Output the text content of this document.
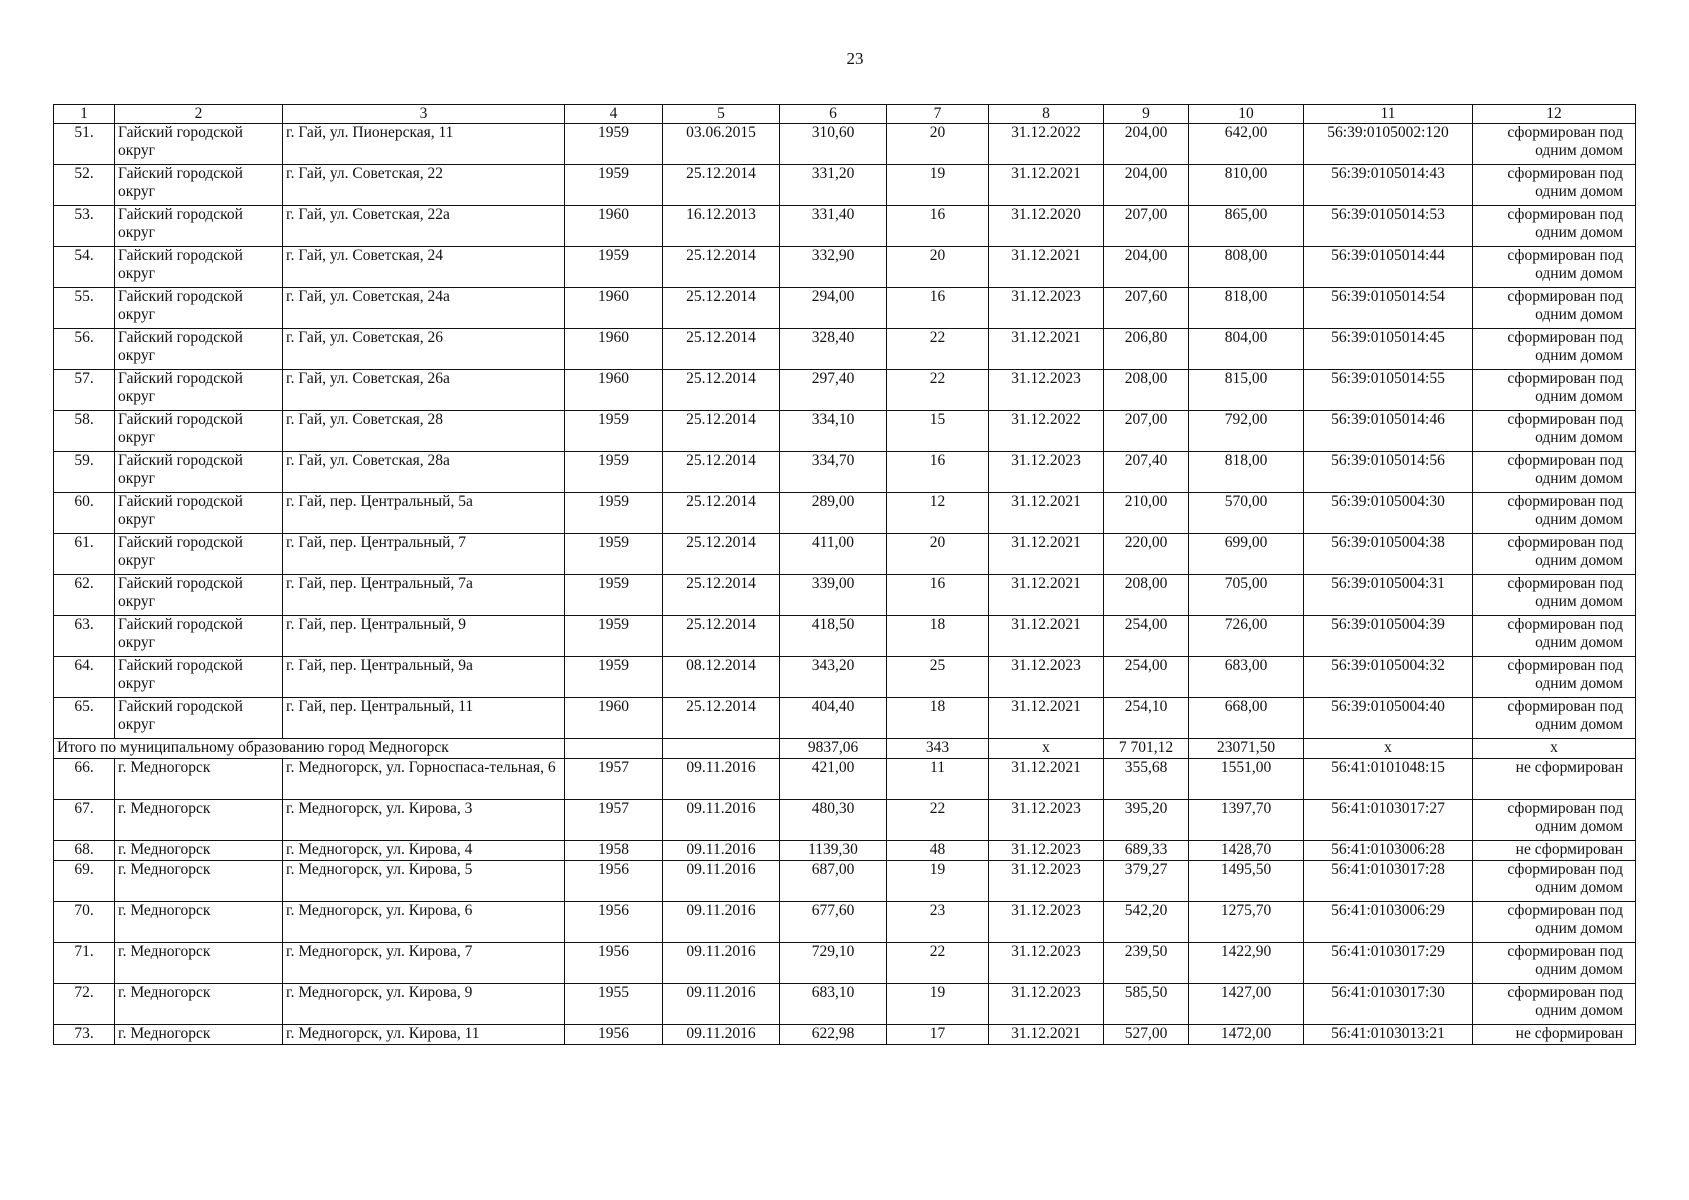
23
1	2	3	4	5	6	7	8	9	10	11	12
51.	Гайский городской округ	г. Гай, ул. Пионерская, 11	1959	03.06.2015	310,60	20	31.12.2022	204,00	642,00	56:39:0105002:120	сформирован под
одним домом

52.	Гайский городской округ	г. Гай, ул. Советская, 22	1959	25.12.2014	331,20	19	31.12.2021	204,00	810,00	56:39:0105014:43	сформирован под
одним домом

53.	Гайский городской округ	г. Гай, ул. Советская, 22а	1960	16.12.2013	331,40	16	31.12.2020	207,00	865,00	56:39:0105014:53	сформирован под
одним домом

54.	Гайский городской округ	г. Гай, ул. Советская, 24	1959	25.12.2014	332,90	20	31.12.2021	204,00	808,00	56:39:0105014:44	сформирован под
одним домом

55.	Гайский городской округ	г. Гай, ул. Советская, 24а	1960	25.12.2014	294,00	16	31.12.2023	207,60	818,00	56:39:0105014:54	сформирован под
одним домом

56.	Гайский городской округ	г. Гай, ул. Советская, 26	1960	25.12.2014	328,40	22	31.12.2021	206,80	804,00	56:39:0105014:45	сформирован под
одним домом

57.	Гайский городской округ	г. Гай, ул. Советская, 26а	1960	25.12.2014	297,40	22	31.12.2023	208,00	815,00	56:39:0105014:55	сформирован под
одним домом

58.	Гайский городской округ	г. Гай, ул. Советская, 28	1959	25.12.2014	334,10	15	31.12.2022	207,00	792,00	56:39:0105014:46	сформирован под
одним домом

59.	Гайский городской округ	г. Гай, ул. Советская, 28а	1959	25.12.2014	334,70	16	31.12.2023	207,40	818,00	56:39:0105014:56	сформирован под
одним домом

60.	Гайский городской округ	г. Гай, пер. Центральный, 5а	1959	25.12.2014	289,00	12	31.12.2021	210,00	570,00	56:39:0105004:30	сформирован под
одним домом

61.	Гайский городской округ	г. Гай, пер. Центральный, 7	1959	25.12.2014	411,00	20	31.12.2021	220,00	699,00	56:39:0105004:38	сформирован под
одним домом

62.	Гайский городской округ	г. Гай, пер. Центральный, 7а	1959	25.12.2014	339,00	16	31.12.2021	208,00	705,00	56:39:0105004:31	сформирован под
одним домом

63.	Гайский городской округ	г. Гай, пер. Центральный, 9	1959	25.12.2014	418,50	18	31.12.2021	254,00	726,00	56:39:0105004:39	сформирован под
одним домом

64.	Гайский городской округ	г. Гай, пер. Центральный, 9а	1959	08.12.2014	343,20	25	31.12.2023	254,00	683,00	56:39:0105004:32	сформирован под
одним домом

65.	Гайский городской округ	г. Гай, пер. Центральный, 11	1960	25.12.2014	404,40	18	31.12.2021	254,10	668,00	56:39:0105004:40	сформирован под
одним домом

Итого по муниципальному образованию город Медногорск					9837,06	343	х	7 701,12	23071,50	х	х
66.	г. Медногорск	г. Медногорск, ул. Горноспаса-тельная, 6	1957	09.11.2016	421,00	11	31.12.2021	355,68	1551,00	56:41:0101048:15	не сформирован

67.	г. Медногорск	г. Медногорск, ул. Кирова, 3	1957	09.11.2016	480,30	22	31.12.2023	395,20	1397,70	56:41:0103017:27	сформирован под
одним домом

68.	г. Медногорск	г. Медногорск, ул. Кирова, 4	1958	09.11.2016	1139,30	48	31.12.2023	689,33	1428,70	56:41:0103006:28	не сформирован

69.	г. Медногорск	г. Медногорск, ул. Кирова, 5	1956	09.11.2016	687,00	19	31.12.2023	379,27	1495,50	56:41:0103017:28	сформирован под
одним домом

70.	г. Медногорск	г. Медногорск, ул. Кирова, 6	1956	09.11.2016	677,60	23	31.12.2023	542,20	1275,70	56:41:0103006:29	сформирован под
одним домом

71.	г. Медногорск	г. Медногорск, ул. Кирова, 7	1956	09.11.2016	729,10	22	31.12.2023	239,50	1422,90	56:41:0103017:29	сформирован под
одним домом

72.	г. Медногорск	г. Медногорск, ул. Кирова, 9	1955	09.11.2016	683,10	19	31.12.2023	585,50	1427,00	56:41:0103017:30	сформирован под
одним домом

73.	г. Медногорск	г. Медногорск, ул. Кирова, 11	1956	09.11.2016	622,98	17	31.12.2021	527,00	1472,00	56:41:0103013:21	не сформирован
